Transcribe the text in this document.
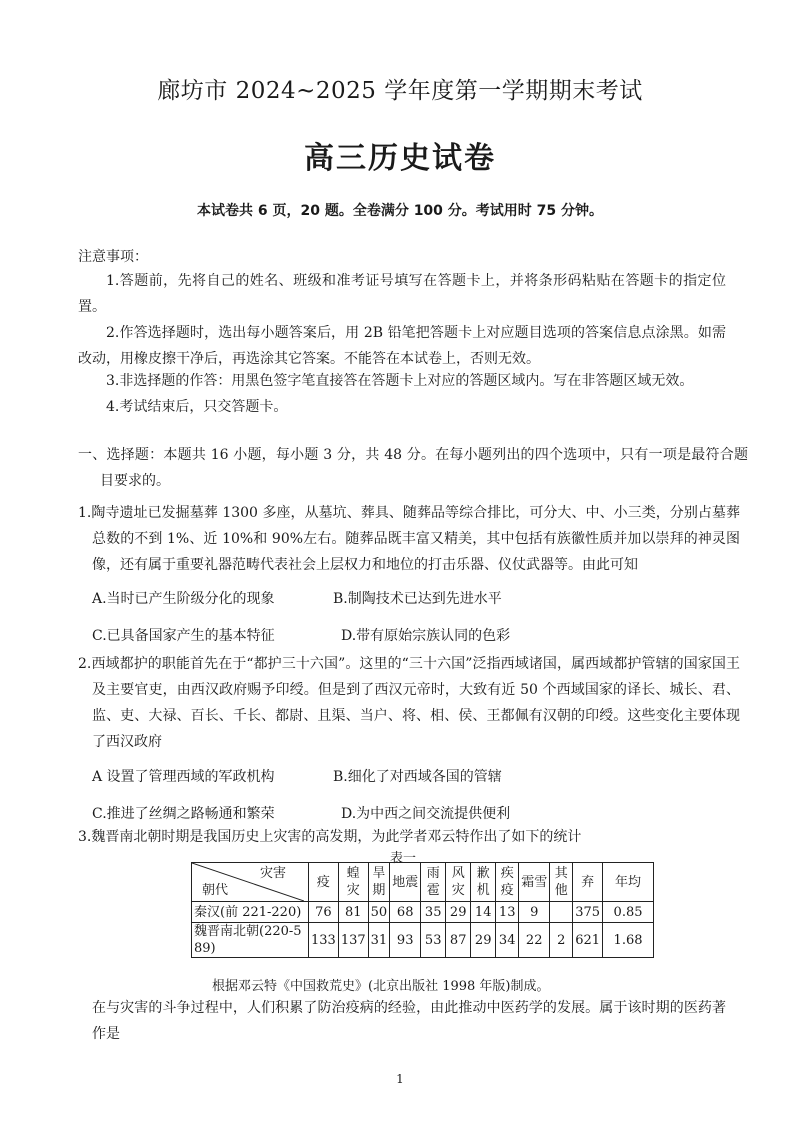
廊坊市 2024~2025 学年度第一学期期末考试
高三历史试卷
本试卷共 6 页，20 题。全卷满分 100 分。考试用时 75 分钟。
注意事项：
1.答题前，先将自己的姓名、班级和准考证号填写在答题卡上，并将条形码粘贴在答题卡的指定位置。
2.作答选择题时，选出每小题答案后，用 2B 铅笔把答题卡上对应题目选项的答案信息点涂黑。如需改动，用橡皮擦干净后，再选涂其它答案。不能答在本试卷上，否则无效。
3.非选择题的作答：用黑色签字笔直接答在答题卡上对应的答题区域内。写在非答题区域无效。
4.考试结束后，只交答题卡。
一、选择题：本题共 16 小题，每小题 3 分，共 48 分。在每小题列出的四个选项中，只有一项是最符合题目要求的。
1.陶寺遗址已发掘墓葬 1300 多座，从墓坑、葬具、随葬品等综合排比，可分大、中、小三类，分别占墓葬总数的不到 1%、近 10%和 90%左右。随葬品既丰富又精美，其中包括有族徽性质并加以崇拜的神灵图像，还有属于重要礼器范畴代表社会上层权力和地位的打击乐器、仪仗武器等。由此可知
A.当时已产生阶级分化的现象	B.制陶技术已达到先进水平
C.已具备国家产生的基本特征	D.带有原始宗族认同的色彩
2.西域都护的职能首先在于“都护三十六国”。这里的“三十六国”泛指西域诸国，属西域都护管辖的国家国王及主要官吏，由西汉政府赐予印绶。但是到了西汉元帝时，大致有近 50 个西域国家的译长、城长、君、监、吏、大禄、百长、千长、都尉、且渠、当户、将、相、侯、王都佩有汉朝的印绶。这些变化主要体现了西汉政府
A 设置了管理西域的军政机构	B.细化了对西域各国的管辖
C.推进了丝绸之路畅通和繁荣	D.为中西之间交流提供便利
3.魏晋南北朝时期是我国历史上灾害的高发期，为此学者邓云特作出了如下的统计
表一
灾害
朝代	疫	蝗灾	旱期	地震	雨雹	风灾	歉机	疾疫	霜雪	其他	弃	年均
秦汉(前 221-220)	76	81	50	68	35	29	14	13	9		375	0.85
魏晋南北朝(220-589)	133	137	31	93	53	87	29	34	22	2	621	1.68
根据邓云特《中国救荒史》(北京出版社 1998 年版)制成。
在与灾害的斗争过程中，人们积累了防治疫病的经验，由此推动中医药学的发展。属于该时期的医药著作是
1
